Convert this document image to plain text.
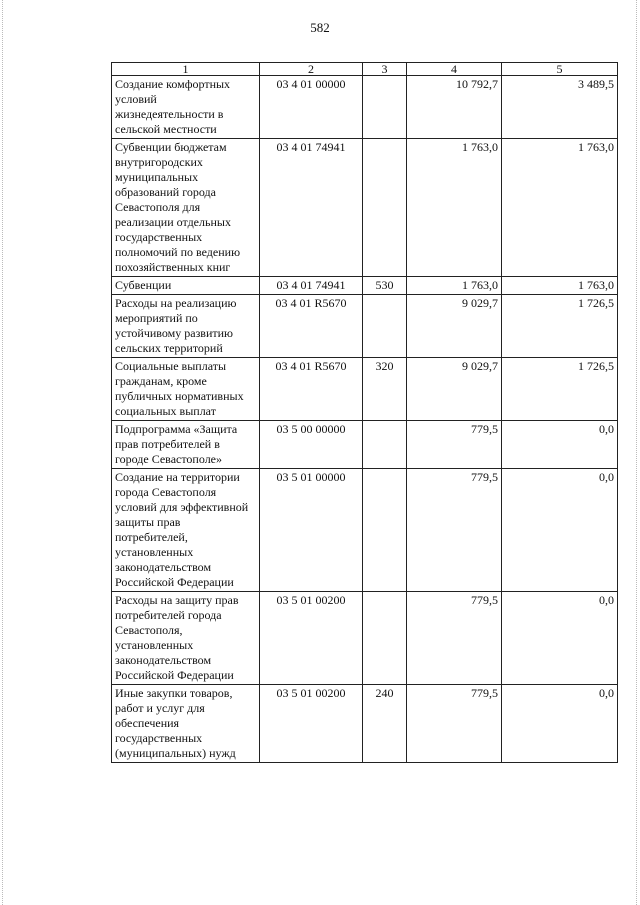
582
1	2	3	4	5
Создание комфортных условий жизнедеятельности в сельской местности	03 4 01 00000		10 792,7	3 489,5
Субвенции бюджетам внутригородских муниципальных образований города Севастополя для реализации отдельных государственных полномочий по ведению похозяйственных книг	03 4 01 74941		1 763,0	1 763,0
Субвенции	03 4 01 74941	530	1 763,0	1 763,0
Расходы на реализацию мероприятий по устойчивому развитию сельских территорий	03 4 01 R5670		9 029,7	1 726,5
Социальные выплаты гражданам, кроме публичных нормативных социальных выплат	03 4 01 R5670	320	9 029,7	1 726,5
Подпрограмма «Защита прав потребителей в городе Севастополе»	03 5 00 00000		779,5	0,0
Создание на территории города Севастополя условий для эффективной защиты прав потребителей, установленных законодательством Российской Федерации	03 5 01 00000		779,5	0,0
Расходы на защиту прав потребителей города Севастополя, установленных законодательством Российской Федерации	03 5 01 00200		779,5	0,0
Иные закупки товаров, работ и услуг для обеспечения государственных (муниципальных) нужд	03 5 01 00200	240	779,5	0,0
